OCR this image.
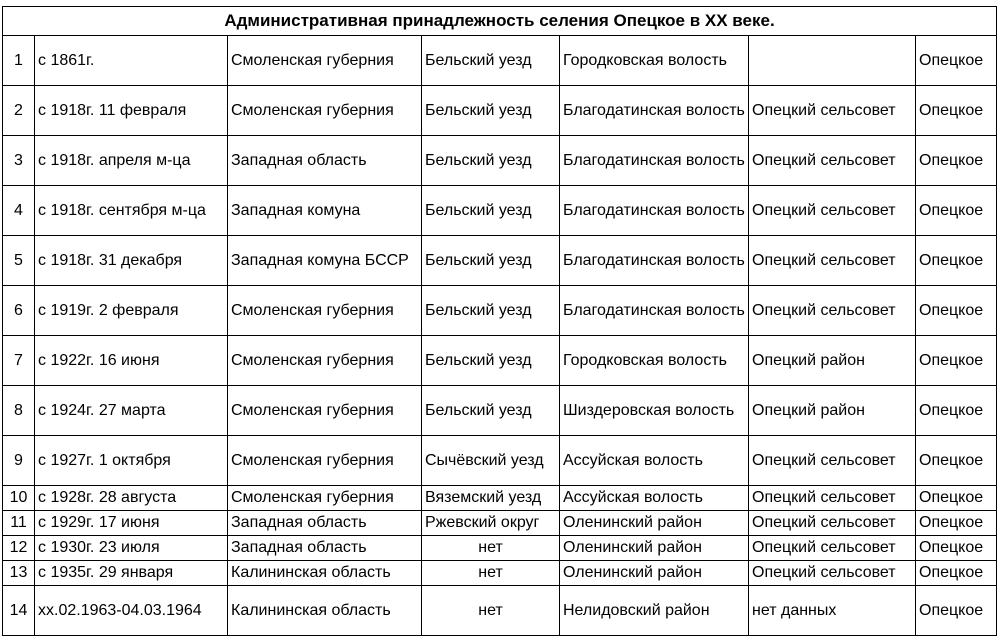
Административная принадлежность селения Опецкое в XX веке.						
1	с 1861г.	Смоленская губерния	Бельский уезд	Городковская волость		Опецкое
2	с 1918г. 11 февраля	Смоленская губерния	Бельский уезд	Благодатинская волость	Опецкий сельсовет	Опецкое
3	с 1918г. апреля м-ца	Западная область	Бельский уезд	Благодатинская волость	Опецкий сельсовет	Опецкое
4	с 1918г. сентября м-ца	Западная комуна	Бельский уезд	Благодатинская волость	Опецкий сельсовет	Опецкое
5	с 1918г. 31 декабря	Западная комуна БССР	Бельский уезд	Благодатинская волость	Опецкий сельсовет	Опецкое
6	с 1919г. 2 февраля	Смоленская губерния	Бельский уезд	Благодатинская волость	Опецкий сельсовет	Опецкое
7	с 1922г. 16 июня	Смоленская губерния	Бельский уезд	Городковская волость	Опецкий район	Опецкое
8	с 1924г. 27 марта	Смоленская губерния	Бельский уезд	Шиздеровская волость	Опецкий район	Опецкое
9	с 1927г. 1 октября	Смоленская губерния	Сычёвский уезд	Ассуйская волость	Опецкий сельсовет	Опецкое
10	с 1928г. 28 августа	Смоленская губерния	Вяземский уезд	Ассуйская волость	Опецкий сельсовет	Опецкое
11	с 1929г. 17 июня	Западная область	Ржевский округ	Оленинский район	Опецкий сельсовет	Опецкое
12	с 1930г. 23 июля	Западная область	нет	Оленинский район	Опецкий сельсовет	Опецкое
13	с 1935г. 29 января	Калининская область	нет	Оленинский район	Опецкий сельсовет	Опецкое
14	xx.02.1963-04.03.1964	Калининская область	нет	Нелидовский район	нет данных	Опецкое
